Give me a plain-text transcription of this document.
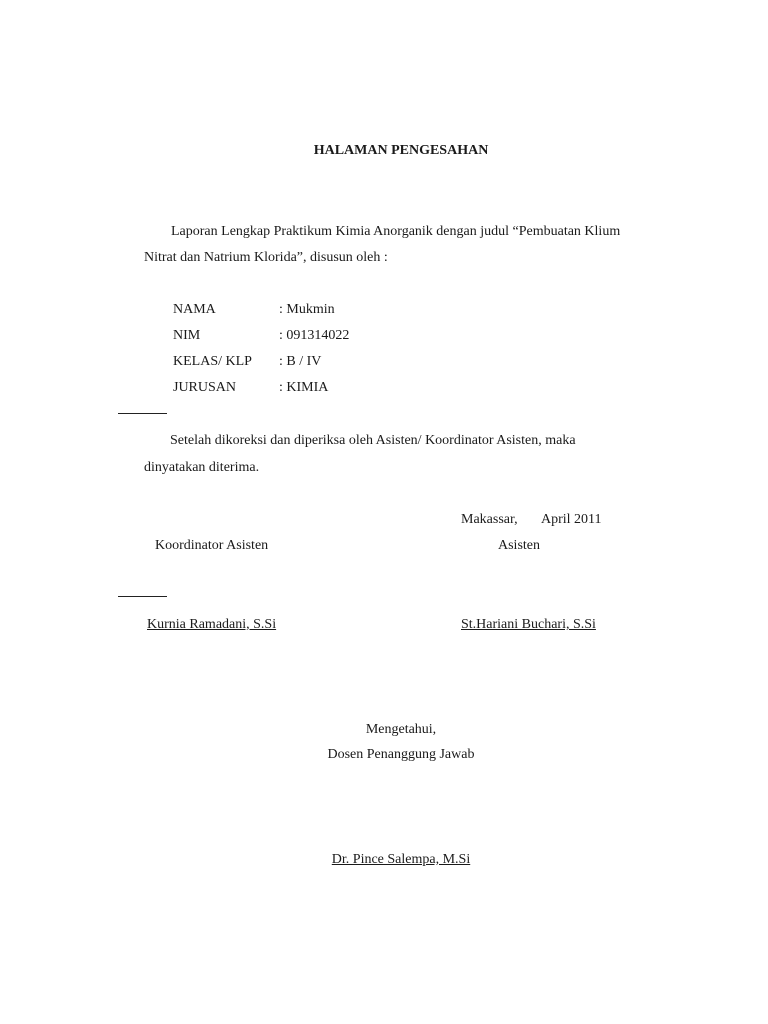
HALAMAN PENGESAHAN
Laporan Lengkap Praktikum Kimia Anorganik dengan judul “Pembuatan Klium
Nitrat dan Natrium Klorida”, disusun oleh :
NAMA	: Mukmin
NIM	: 091314022
KELAS/ KLP : B / IV
JURUSAN	: KIMIA
Setelah dikoreksi dan diperiksa oleh Asisten/ Koordinator Asisten, maka
dinyatakan diterima.
Makassar, April 2011
Koordinator Asisten	Asisten
Kurnia Ramadani, S.Si	St.Hariani Buchari, S.Si
Mengetahui,
Dosen Penanggung Jawab
Dr. Pince Salempa, M.Si
